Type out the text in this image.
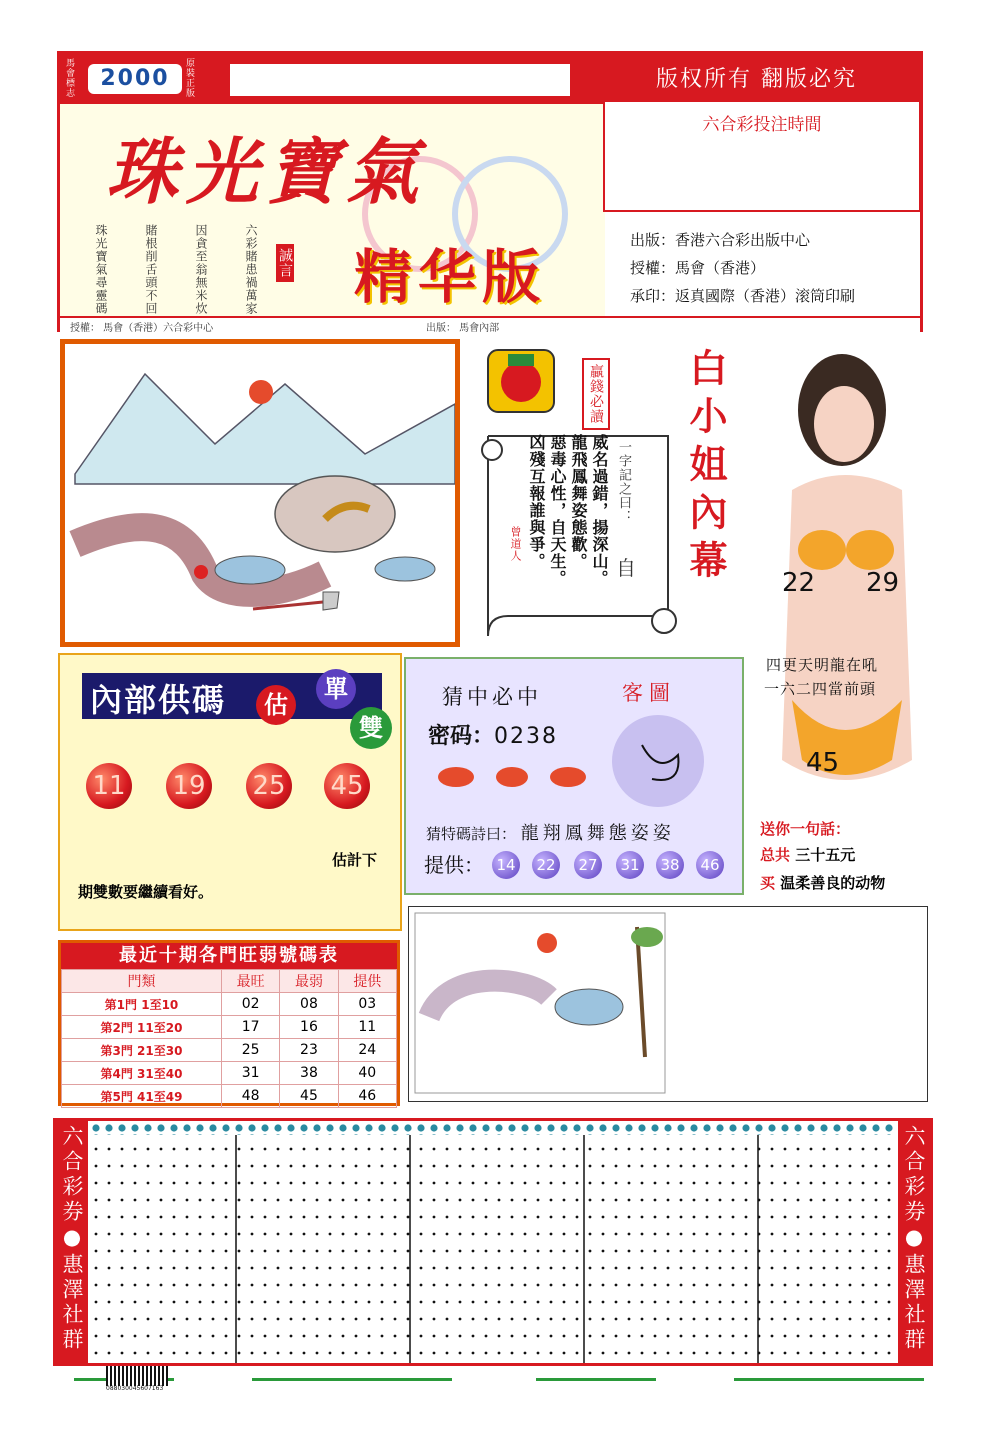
馬會標志	2000	原裝正版	版权所有 翻版必究
珠光寶氣
珠光寶氣尋靈碼	賭根削舌頭不回	因貪至翁無米炊	六彩賭患禍萬家 誠言 精华版
六合彩投注時間
出版：香港六合彩出版中心
授權：馬會（香港）
承印：返真國際（香港）滚筒印刷
授權： 馬會（香港）六合彩中心	出版： 馬會內部
贏錢必讀
一字記之曰：
自
威名過錯，揚深山。
龍飛鳳舞姿態歡。
惡毒心性，自天生。
凶殘互報誰與爭。
曾道人	白小姐內幕 22 29
四更天明龍在吼
一六二四當前頭
45
送你一句話：
总共 三十五元
买 温柔善良的动物
內部供碼	估
單
雙
11 19 25 45
估計下
期雙數要繼續看好。
猜中必中	客圖
密码：0238
猜特碼詩曰： 龍翔鳳舞態姿姿
提供： 14 22 27 31 38 46
最近十期各門旺弱號碼表
門類	最旺	最弱	提供
第1門 1至10	02	08	03
第2門 11至20	17	16	11
第3門 21至30	25	23	24
第4門 31至40	31	38	40
第5門 41至49	48	45	46
六合彩券●惠澤社群	六合彩券●惠澤社群
088030045607163
